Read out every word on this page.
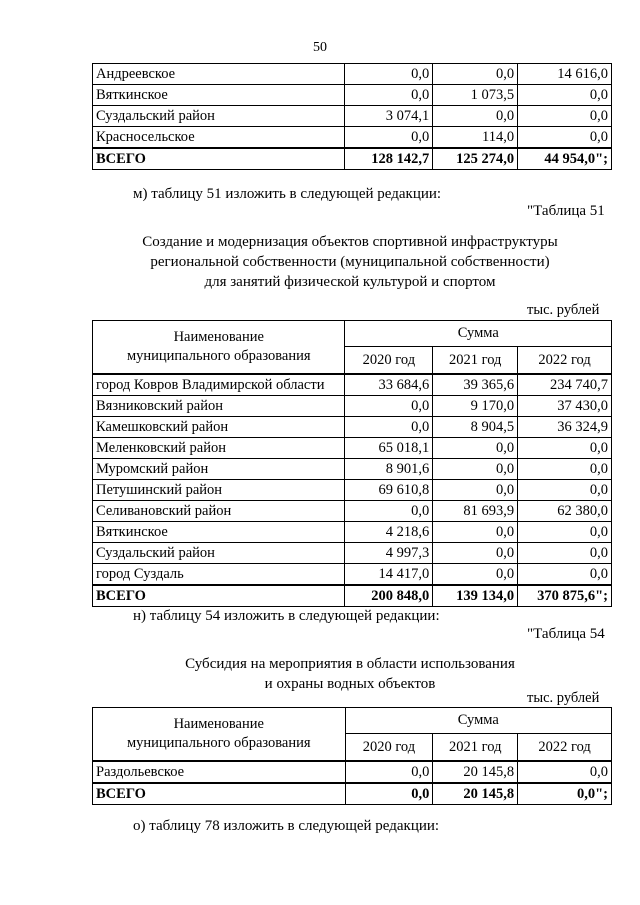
50
Андреевское	0,0	0,0	14 616,0
Вяткинское	0,0	1 073,5	0,0
Суздальский район	3 074,1	0,0	0,0
Красносельское	0,0	114,0	0,0
ВСЕГО	128 142,7	125 274,0	44 954,0";
м) таблицу 51 изложить в следующей редакции:
"Таблица 51
Создание и модернизация объектов спортивной инфраструктуры
региональной собственности (муниципальной собственности)
для занятий физической культурой и спортом
тыс. рублей
Наименование
муниципального образования	Сумма		
	2020 год	2021 год	2022 год
город Ковров Владимирской области	33 684,6	39 365,6	234 740,7
Вязниковский район	0,0	9 170,0	37 430,0
Камешковский район	0,0	8 904,5	36 324,9
Меленковский район	65 018,1	0,0	0,0
Муромский район	8 901,6	0,0	0,0
Петушинский район	69 610,8	0,0	0,0
Селивановский район	0,0	81 693,9	62 380,0
Вяткинское	4 218,6	0,0	0,0
Суздальский район	4 997,3	0,0	0,0
город Суздаль	14 417,0	0,0	0,0
ВСЕГО	200 848,0	139 134,0	370 875,6";
н) таблицу 54 изложить в следующей редакции:
"Таблица 54
Субсидия на мероприятия в области использования
и охраны водных объектов
тыс. рублей
Наименование
муниципального образования	Сумма		
	2020 год	2021 год	2022 год
Раздольевское	0,0	20 145,8	0,0
ВСЕГО	0,0	20 145,8	0,0";
о) таблицу 78 изложить в следующей редакции:
